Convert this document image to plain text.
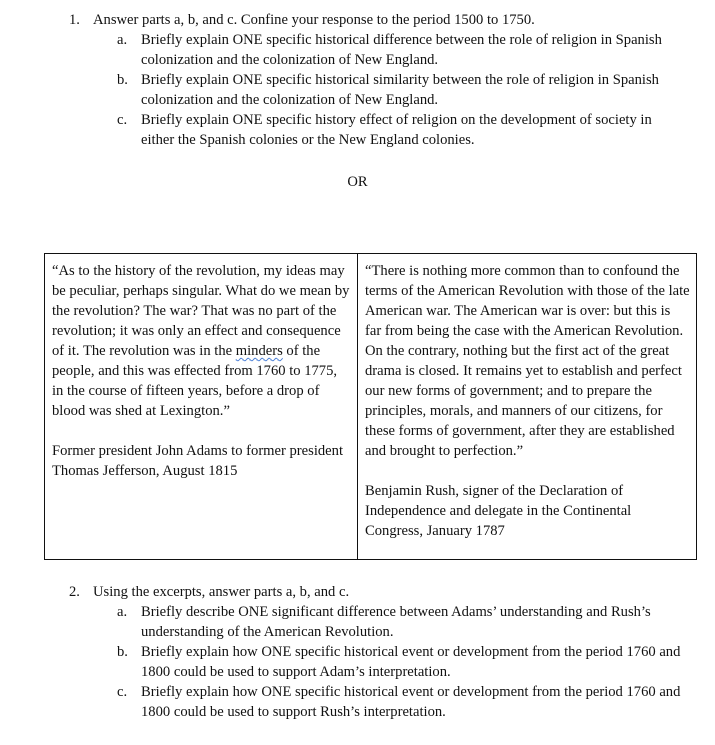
1. Answer parts a, b, and c. Confine your response to the period 1500 to 1750.
a. Briefly explain ONE specific historical difference between the role of religion in Spanish colonization and the colonization of New England.
b. Briefly explain ONE specific historical similarity between the role of religion in Spanish colonization and the colonization of New England.
c. Briefly explain ONE specific history effect of religion on the development of society in either the Spanish colonies or the New England colonies.
OR
“As to the history of the revolution, my ideas may be peculiar, perhaps singular. What do we mean by the revolution? The war? That was no part of the revolution; it was only an effect and consequence of it. The revolution was in the minders of the people, and this was effected from 1760 to 1775, in the course of fifteen years, before a drop of blood was shed at Lexington.”
Former president John Adams to former president Thomas Jefferson, August 1815
“There is nothing more common than to confound the terms of the American Revolution with those of the late American war. The American war is over: but this is far from being the case with the American Revolution. On the contrary, nothing but the first act of the great drama is closed. It remains yet to establish and perfect our new forms of government; and to prepare the principles, morals, and manners of our citizens, for these forms of government, after they are established and brought to perfection.”
Benjamin Rush, signer of the Declaration of Independence and delegate in the Continental Congress, January 1787
2. Using the excerpts, answer parts a, b, and c.
a. Briefly describe ONE significant difference between Adams’ understanding and Rush’s understanding of the American Revolution.
b. Briefly explain how ONE specific historical event or development from the period 1760 and 1800 could be used to support Adam’s interpretation.
c. Briefly explain how ONE specific historical event or development from the period 1760 and 1800 could be used to support Rush’s interpretation.
